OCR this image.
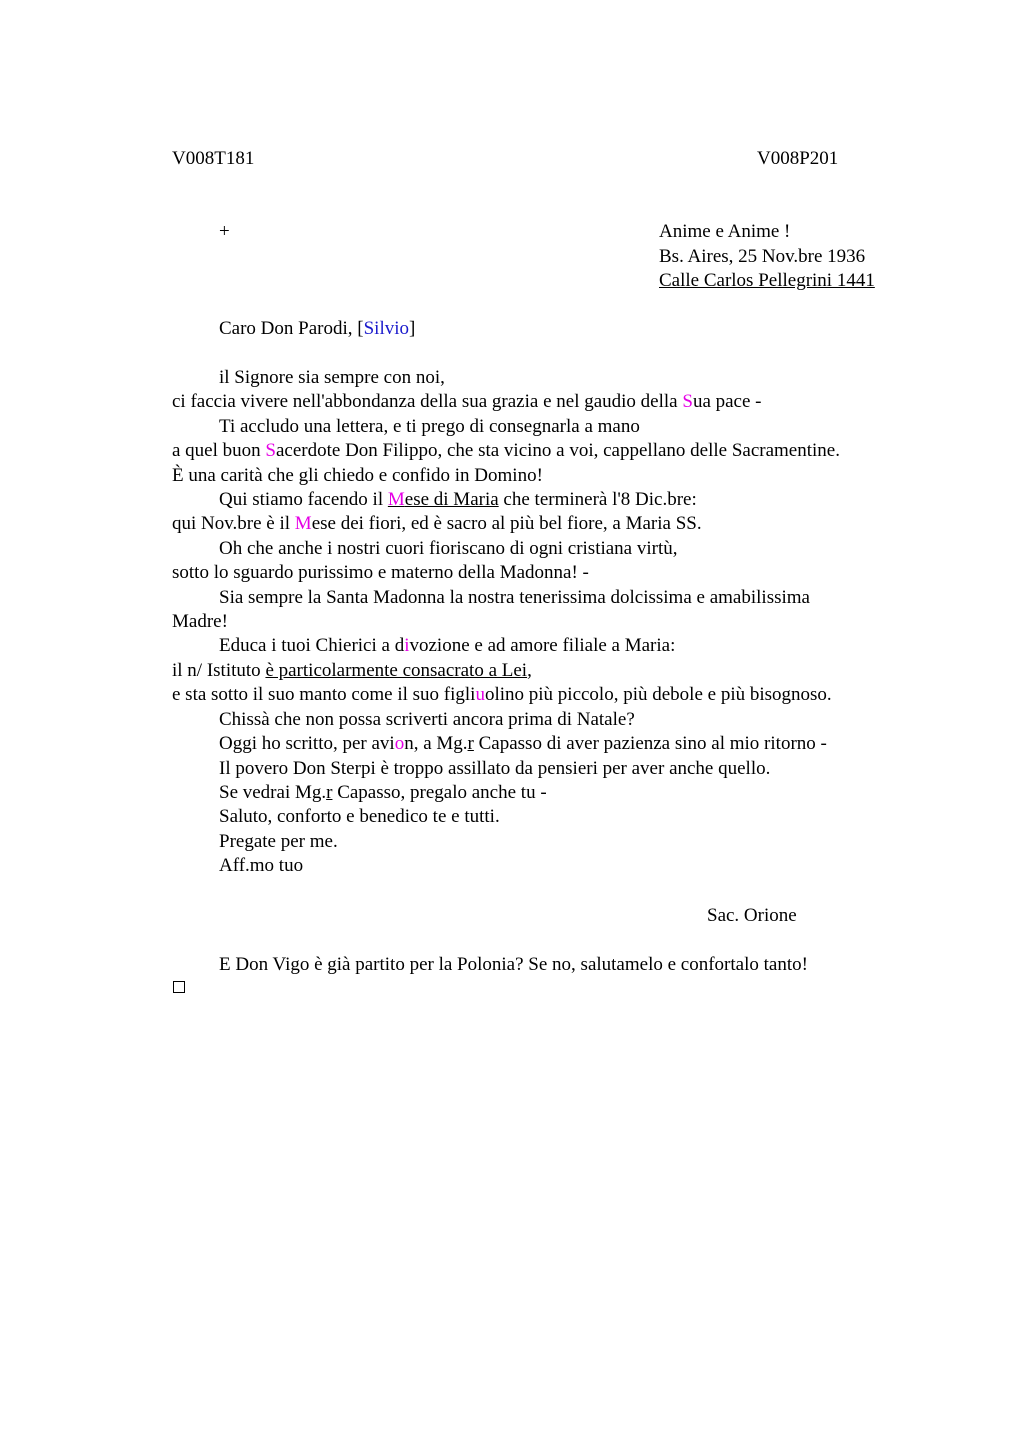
V008T181	V008P201
+	Anime e Anime !
Bs. Aires, 25 Nov.bre 1936
Calle Carlos Pellegrini 1441
Caro Don Parodi, [Silvio]
il Signore sia sempre con noi,
ci faccia vivere nell'abbondanza della sua grazia e nel gaudio della Sua pace -
Ti accludo una lettera, e ti prego di consegnarla a mano
a quel buon Sacerdote Don Filippo, che sta vicino a voi, cappellano delle Sacramentine.
È una carità che gli chiedo e confido in Domino!
Qui stiamo facendo il Mese di Maria che terminerà l'8 Dic.bre:
qui Nov.bre è il Mese dei fiori, ed è sacro al più bel fiore, a Maria SS.
Oh che anche i nostri cuori fioriscano di ogni cristiana virtù,
sotto lo sguardo purissimo e materno della Madonna! -
Sia sempre la Santa Madonna la nostra tenerissima dolcissima e amabilissima
Madre!
Educa i tuoi Chierici a divozione e ad amore filiale a Maria:
il n/ Istituto è particolarmente consacrato a Lei,
e sta sotto il suo manto come il suo figliuolino più piccolo, più debole e più bisognoso.
Chissà che non possa scriverti ancora prima di Natale?
Oggi ho scritto, per avion, a Mg.r Capasso di aver pazienza sino al mio ritorno -
Il povero Don Sterpi è troppo assillato da pensieri per aver anche quello.
Se vedrai Mg.r Capasso, pregalo anche tu -
Saluto, conforto e benedico te e tutti.
Pregate per me.
Aff.mo tuo
Sac. Orione
E Don Vigo è già partito per la Polonia? Se no, salutamelo e confortalo tanto!
